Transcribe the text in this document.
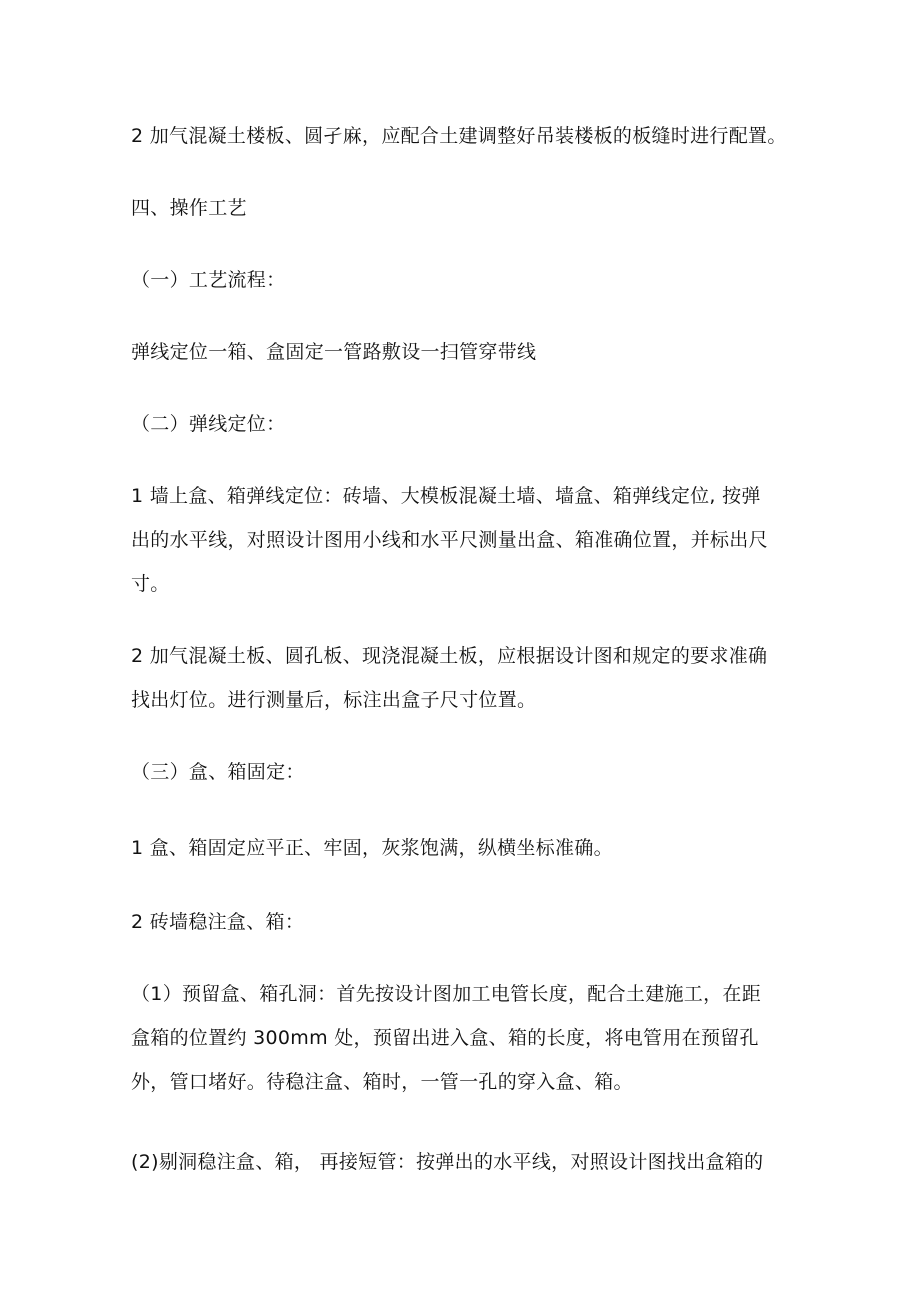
2 加气混凝土楼板、圆孑麻，应配合土建调整好吊装楼板的板缝时进行配置。
四、操作工艺
（一）工艺流程：
弹线定位一箱、盒固定一管路敷设一扫管穿带线
（二）弹线定位：
1 墙上盒、箱弹线定位：砖墙、大模板混凝土墙、墙盒、箱弹线定位, 按弹
出的水平线，对照设计图用小线和水平尺测量出盒、箱准确位置，并标出尺
寸。
2 加气混凝土板、圆孔板、现浇混凝土板，应根据设计图和规定的要求准确
找出灯位。进行测量后，标注出盒子尺寸位置。
（三）盒、箱固定：
1 盒、箱固定应平正、牢固，灰浆饱满，纵横坐标准确。
2 砖墙稳注盒、箱：
（1）预留盒、箱孔洞：首先按设计图加工电管长度，配合土建施工，在距
盒箱的位置约 300mm 处，预留出进入盒、箱的长度，将电管用在预留孔
外，管口堵好。待稳注盒、箱时，一管一孔的穿入盒、箱。
(2)剔洞稳注盒、箱， 再接短管：按弹出的水平线，对照设计图找出盒箱的
